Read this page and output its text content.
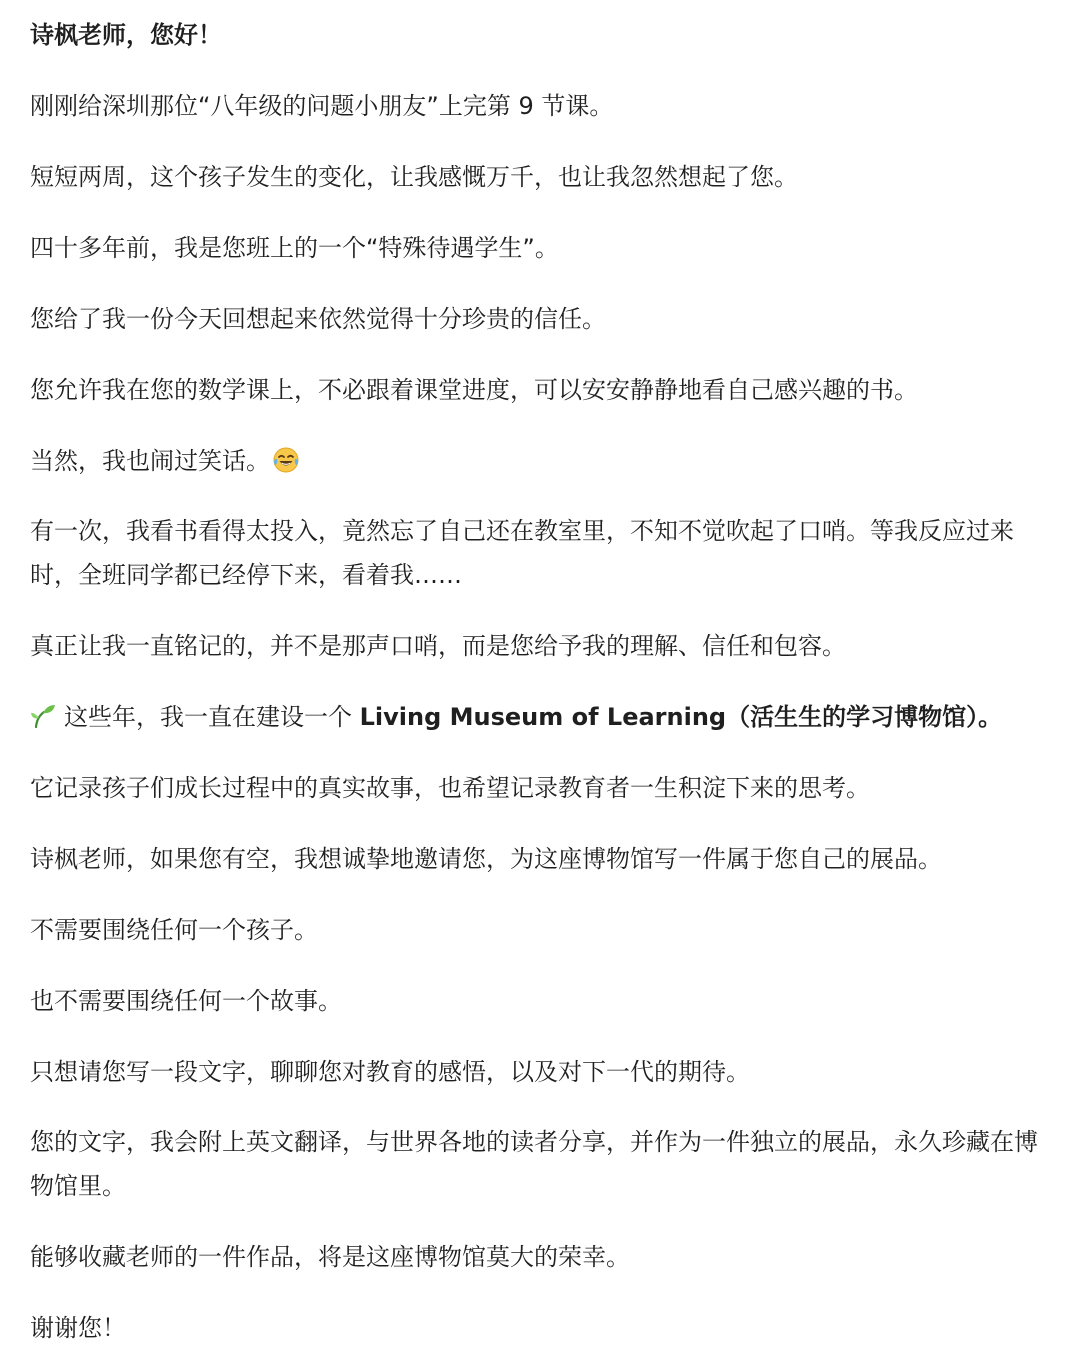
诗枫老师，您好！

刚刚给深圳那位“八年级的问题小朋友”上完第 9 节课。

短短两周，这个孩子发生的变化，让我感慨万千，也让我忽然想起了您。

四十多年前，我是您班上的一个“特殊待遇学生”。

您给了我一份今天回想起来依然觉得十分珍贵的信任。

您允许我在您的数学课上，不必跟着课堂进度，可以安安静静地看自己感兴趣的书。

当然，我也闹过笑话。

有一次，我看书看得太投入，竟然忘了自己还在教室里，不知不觉吹起了口哨。等我反应过来时，全班同学都已经停下来，看着我……

真正让我一直铭记的，并不是那声口哨，而是您给予我的理解、信任和包容。

这些年，我一直在建设一个 Living Museum of Learning（活生生的学习博物馆）。

它记录孩子们成长过程中的真实故事，也希望记录教育者一生积淀下来的思考。

诗枫老师，如果您有空，我想诚挚地邀请您，为这座博物馆写一件属于您自己的展品。

不需要围绕任何一个孩子。

也不需要围绕任何一个故事。

只想请您写一段文字，聊聊您对教育的感悟，以及对下一代的期待。

您的文字，我会附上英文翻译，与世界各地的读者分享，并作为一件独立的展品，永久珍藏在博物馆里。

能够收藏老师的一件作品，将是这座博物馆莫大的荣幸。

谢谢您！
